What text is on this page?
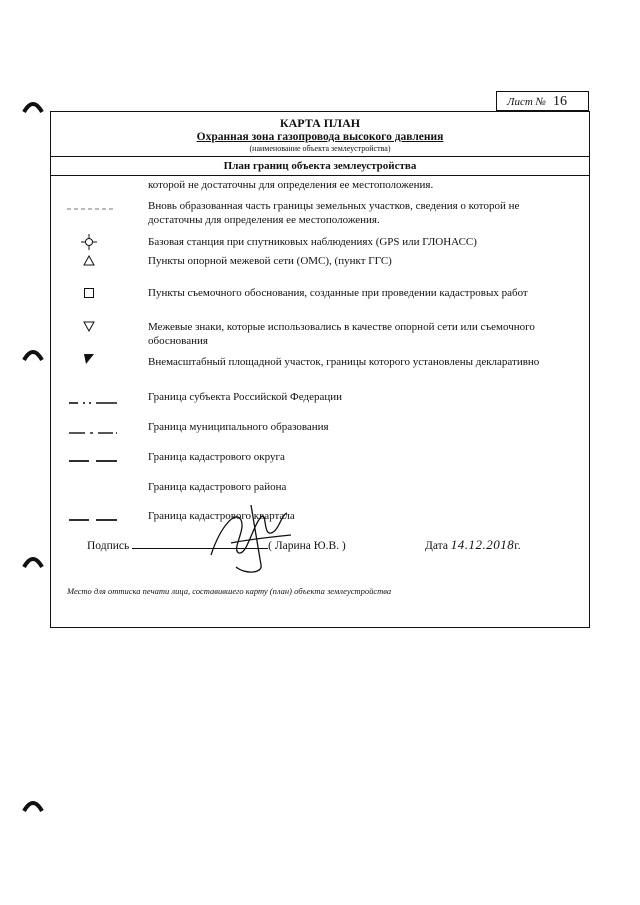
Лист № 16
КАРТА ПЛАН
Охранная зона газопровода высокого давления
(наименование объекта землеустройства)
План границ объекта землеустройства
которой не достаточны для определения ее местоположения.
Вновь образованная часть границы земельных участков, сведения о которой не достаточны для определения ее местоположения.
Базовая станция при спутниковых наблюдениях (GPS или ГЛОНАСС)
Пункты опорной межевой сети (ОМС), (пункт ГГС)
Пункты съемочного обоснования, созданные при проведении кадастровых работ
Межевые знаки, которые использовались в качестве опорной сети или съемочного обоснования
Внемасштабный площадной участок, границы которого установлены декларативно
Граница субъекта Российской Федерации
Граница муниципального образования
Граница кадастрового округа
Граница кадастрового района
Граница кадастрового квартала
Подпись	( Ларина Ю.В. )	Дата 14.12.2018г.
Место для оттиска печати лица, составившего карту (план) объекта землеустройства
